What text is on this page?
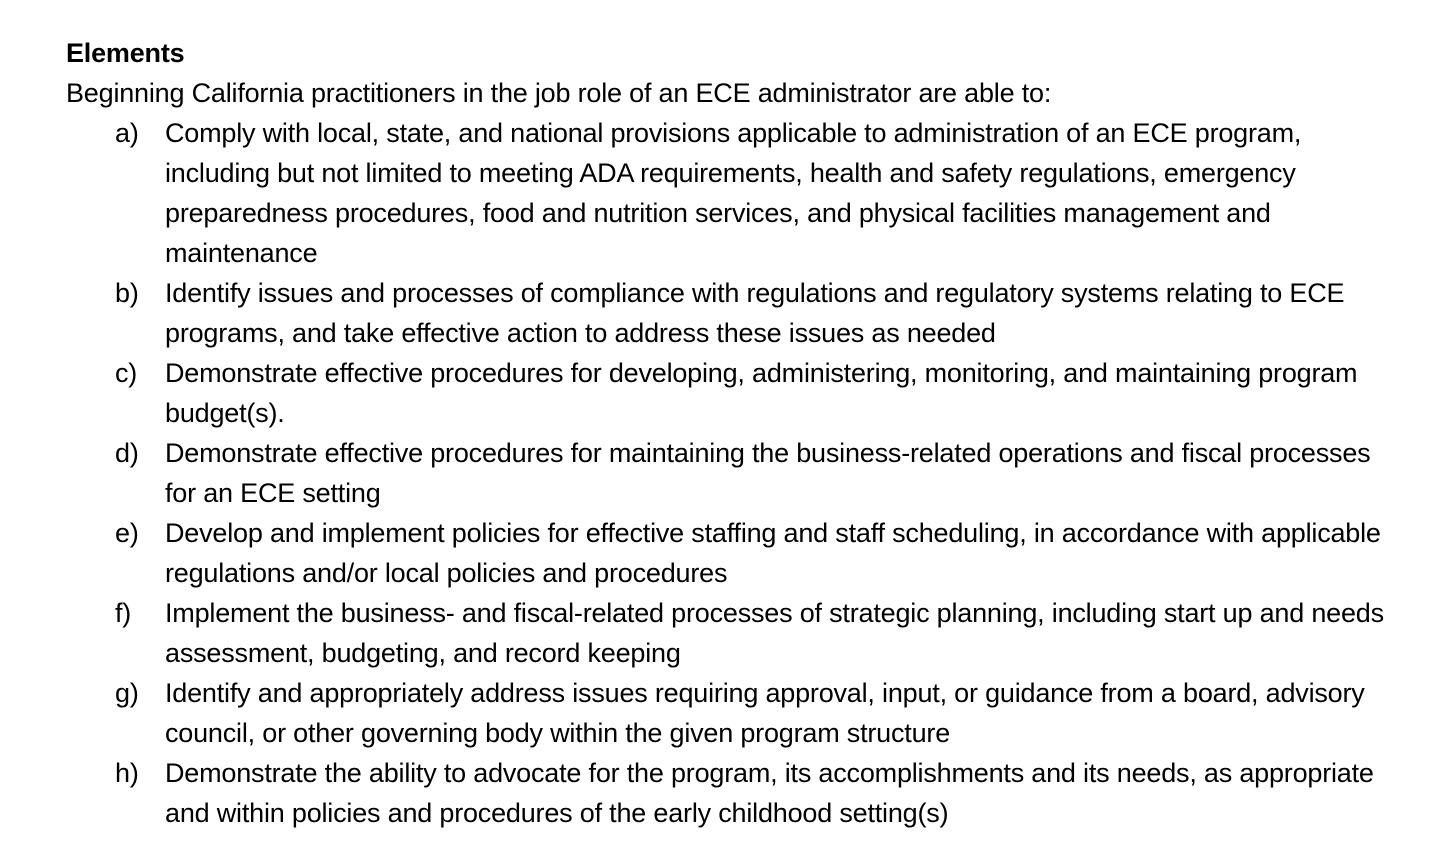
Elements

Beginning California practitioners in the job role of an ECE administrator are able to:

a) Comply with local, state, and national provisions applicable to administration of an ECE program, including but not limited to meeting ADA requirements, health and safety regulations, emergency preparedness procedures, food and nutrition services, and physical facilities management and maintenance
b) Identify issues and processes of compliance with regulations and regulatory systems relating to ECE programs, and take effective action to address these issues as needed
c) Demonstrate effective procedures for developing, administering, monitoring, and maintaining program budget(s).
d) Demonstrate effective procedures for maintaining the business-related operations and fiscal processes for an ECE setting
e) Develop and implement policies for effective staffing and staff scheduling, in accordance with applicable regulations and/or local policies and procedures
f) Implement the business- and fiscal-related processes of strategic planning, including start up and needs assessment, budgeting, and record keeping
g) Identify and appropriately address issues requiring approval, input, or guidance from a board, advisory council, or other governing body within the given program structure
h) Demonstrate the ability to advocate for the program, its accomplishments and its needs, as appropriate and within policies and procedures of the early childhood setting(s)
